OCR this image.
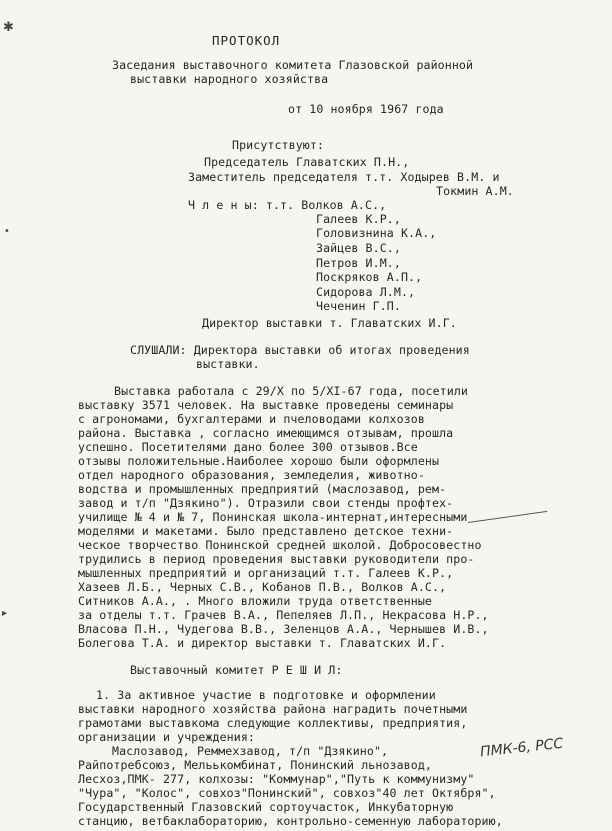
✱
•
▸
ПРОТОКОЛ
Заседания выставочного комитета Глазовской районной
выставки народного хозяйства
от 10 ноября 1967 года
Присутствуют:
Председатель Главатских П.Н.,
Заместитель председателя т.т. Ходырев В.М. и
Токмин А.М.
Ч л е н ы: т.т. Волков А.С.,
Галеев К.Р.,
Головизнина К.А.,
Зайцев В.С.,
Петров И.М.,
Поскряков А.П.,
Сидорова Л.М.,
Чеченин Г.П.
Директор выставки т. Главатских И.Г.
СЛУШАЛИ: Директора выставки об итогах проведения
выставки.
Выставка работала с 29/Х по 5/XI-67 года, посетили
выставку 3571 человек. На выставке проведены семинары
с агрономами, бухгалтерами и пчеловодами колхозов
района. Выставка , согласно имеющимся отзывам, прошла
успешно. Посетителями дано более 300 отзывов.Все
отзывы положительные.Наиболее хорошо были оформлены
отдел народного образования, земледелия, животно-
водства и промышленных предприятий (маслозавод, рем-
завод и т/п "Дзякино"). Отразили свои стенды профтех-
училище № 4 и № 7, Понинская школа-интернат,интересными
моделями и макетами. Было представлено детское техни-
ческое творчество Понинской средней школой. Добросовестно
трудились в период проведения выставки руководители про-
мышленных предприятий и организаций т.т. Галеев К.Р.,
Хазеев Л.Б., Черных С.В., Кобанов П.В., Волков А.С.,
Ситников А.А., . Много вложили труда ответственные
за отделы т.т. Грачев В.А., Пепеляев Л.П., Некрасова Н.Р.,
Власова П.Н., Чудегова В.В., Зеленцов А.А., Чернышев И.В.,
Болегова Т.А. и директор выставки т. Главатских И.Г.
Выставочный комитет Р Е Ш И Л:
1. За активное участие в подготовке и оформлении
выставки народного хозяйства района наградить почетными
грамотами выставкома следующие коллективы, предприятия,
организации и учреждения:
Маслозавод, Реммехзавод, т/п "Дзякино",
Райпотребсоюз, Мельькомбинат, Понинский льнозавод,
Лесхоз,ПМК- 277, колхозы: "Коммунар","Путь к коммунизму"
"Чура", "Колос", совхоз"Понинский", совхоз"40 лет Октября",
Государственный Глазовский сортоучасток, Инкубаторную
станцию, ветбаклабораторию, контрольно-семенную лабораторию,
ПМК-6, РСС
